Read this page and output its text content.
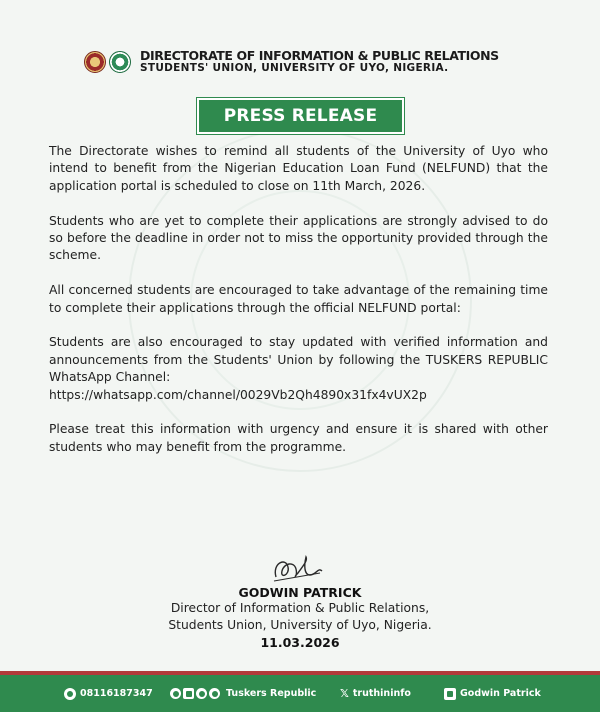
DIRECTORATE OF INFORMATION & PUBLIC RELATIONS
STUDENTS' UNION, UNIVERSITY OF UYO, NIGERIA.
PRESS RELEASE

The Directorate wishes to remind all students of the University of Uyo who intend to benefit from the Nigerian Education Loan Fund (NELFUND) that the application portal is scheduled to close on 11th March, 2026.

Students who are yet to complete their applications are strongly advised to do so before the deadline in order not to miss the opportunity provided through the scheme.

All concerned students are encouraged to take advantage of the remaining time to complete their applications through the official NELFUND portal:

Students are also encouraged to stay updated with verified information and announcements from the Students' Union by following the TUSKERS REPUBLIC WhatsApp Channel:

https://whatsapp.com/channel/0029Vb2Qh4890x31fx4vUX2p

Please treat this information with urgency and ensure it is shared with other students who may benefit from the programme.

GODWIN PATRICK
Director of Information & Public Relations,
Students Union, University of Uyo, Nigeria.
11.03.2026
08116187347	Tuskers Republic 𝕏 truthininfo	Godwin Patrick
